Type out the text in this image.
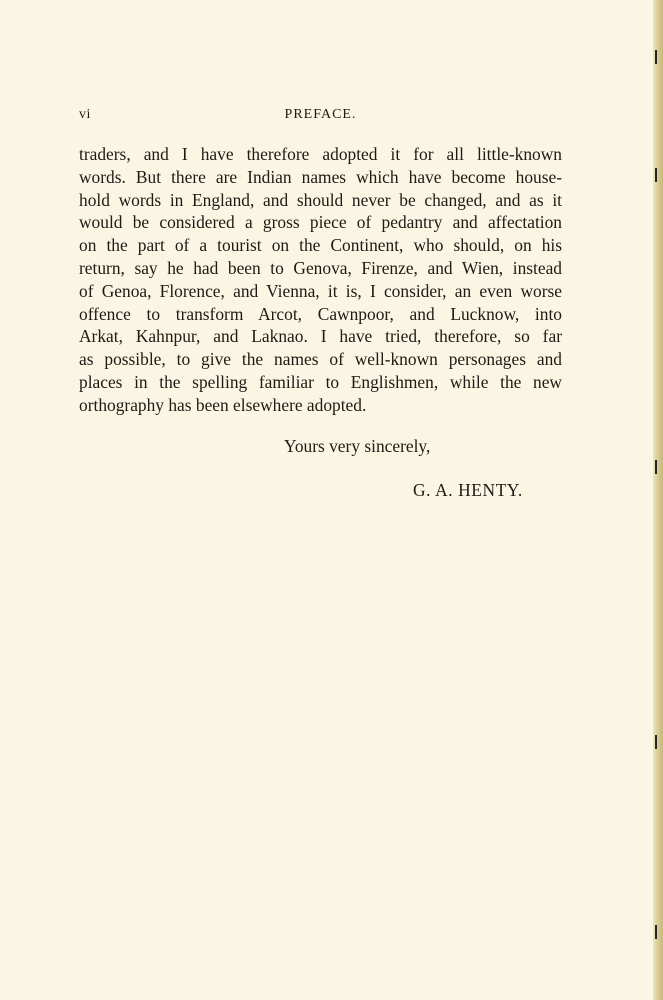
vi	PREFACE.
traders, and I have therefore adopted it for all little-known
words. But there are Indian names which have become house-
hold words in England, and should never be changed, and as it
would be considered a gross piece of pedantry and affectation
on the part of a tourist on the Continent, who should, on his
return, say he had been to Genova, Firenze, and Wien, instead
of Genoa, Florence, and Vienna, it is, I consider, an even worse
offence to transform Arcot, Cawnpoor, and Lucknow, into
Arkat, Kahnpur, and Laknao. I have tried, therefore, so far
as possible, to give the names of well-known personages and
places in the spelling familiar to Englishmen, while the new
orthography has been elsewhere adopted.
Yours very sincerely,
G. A. HENTY.
